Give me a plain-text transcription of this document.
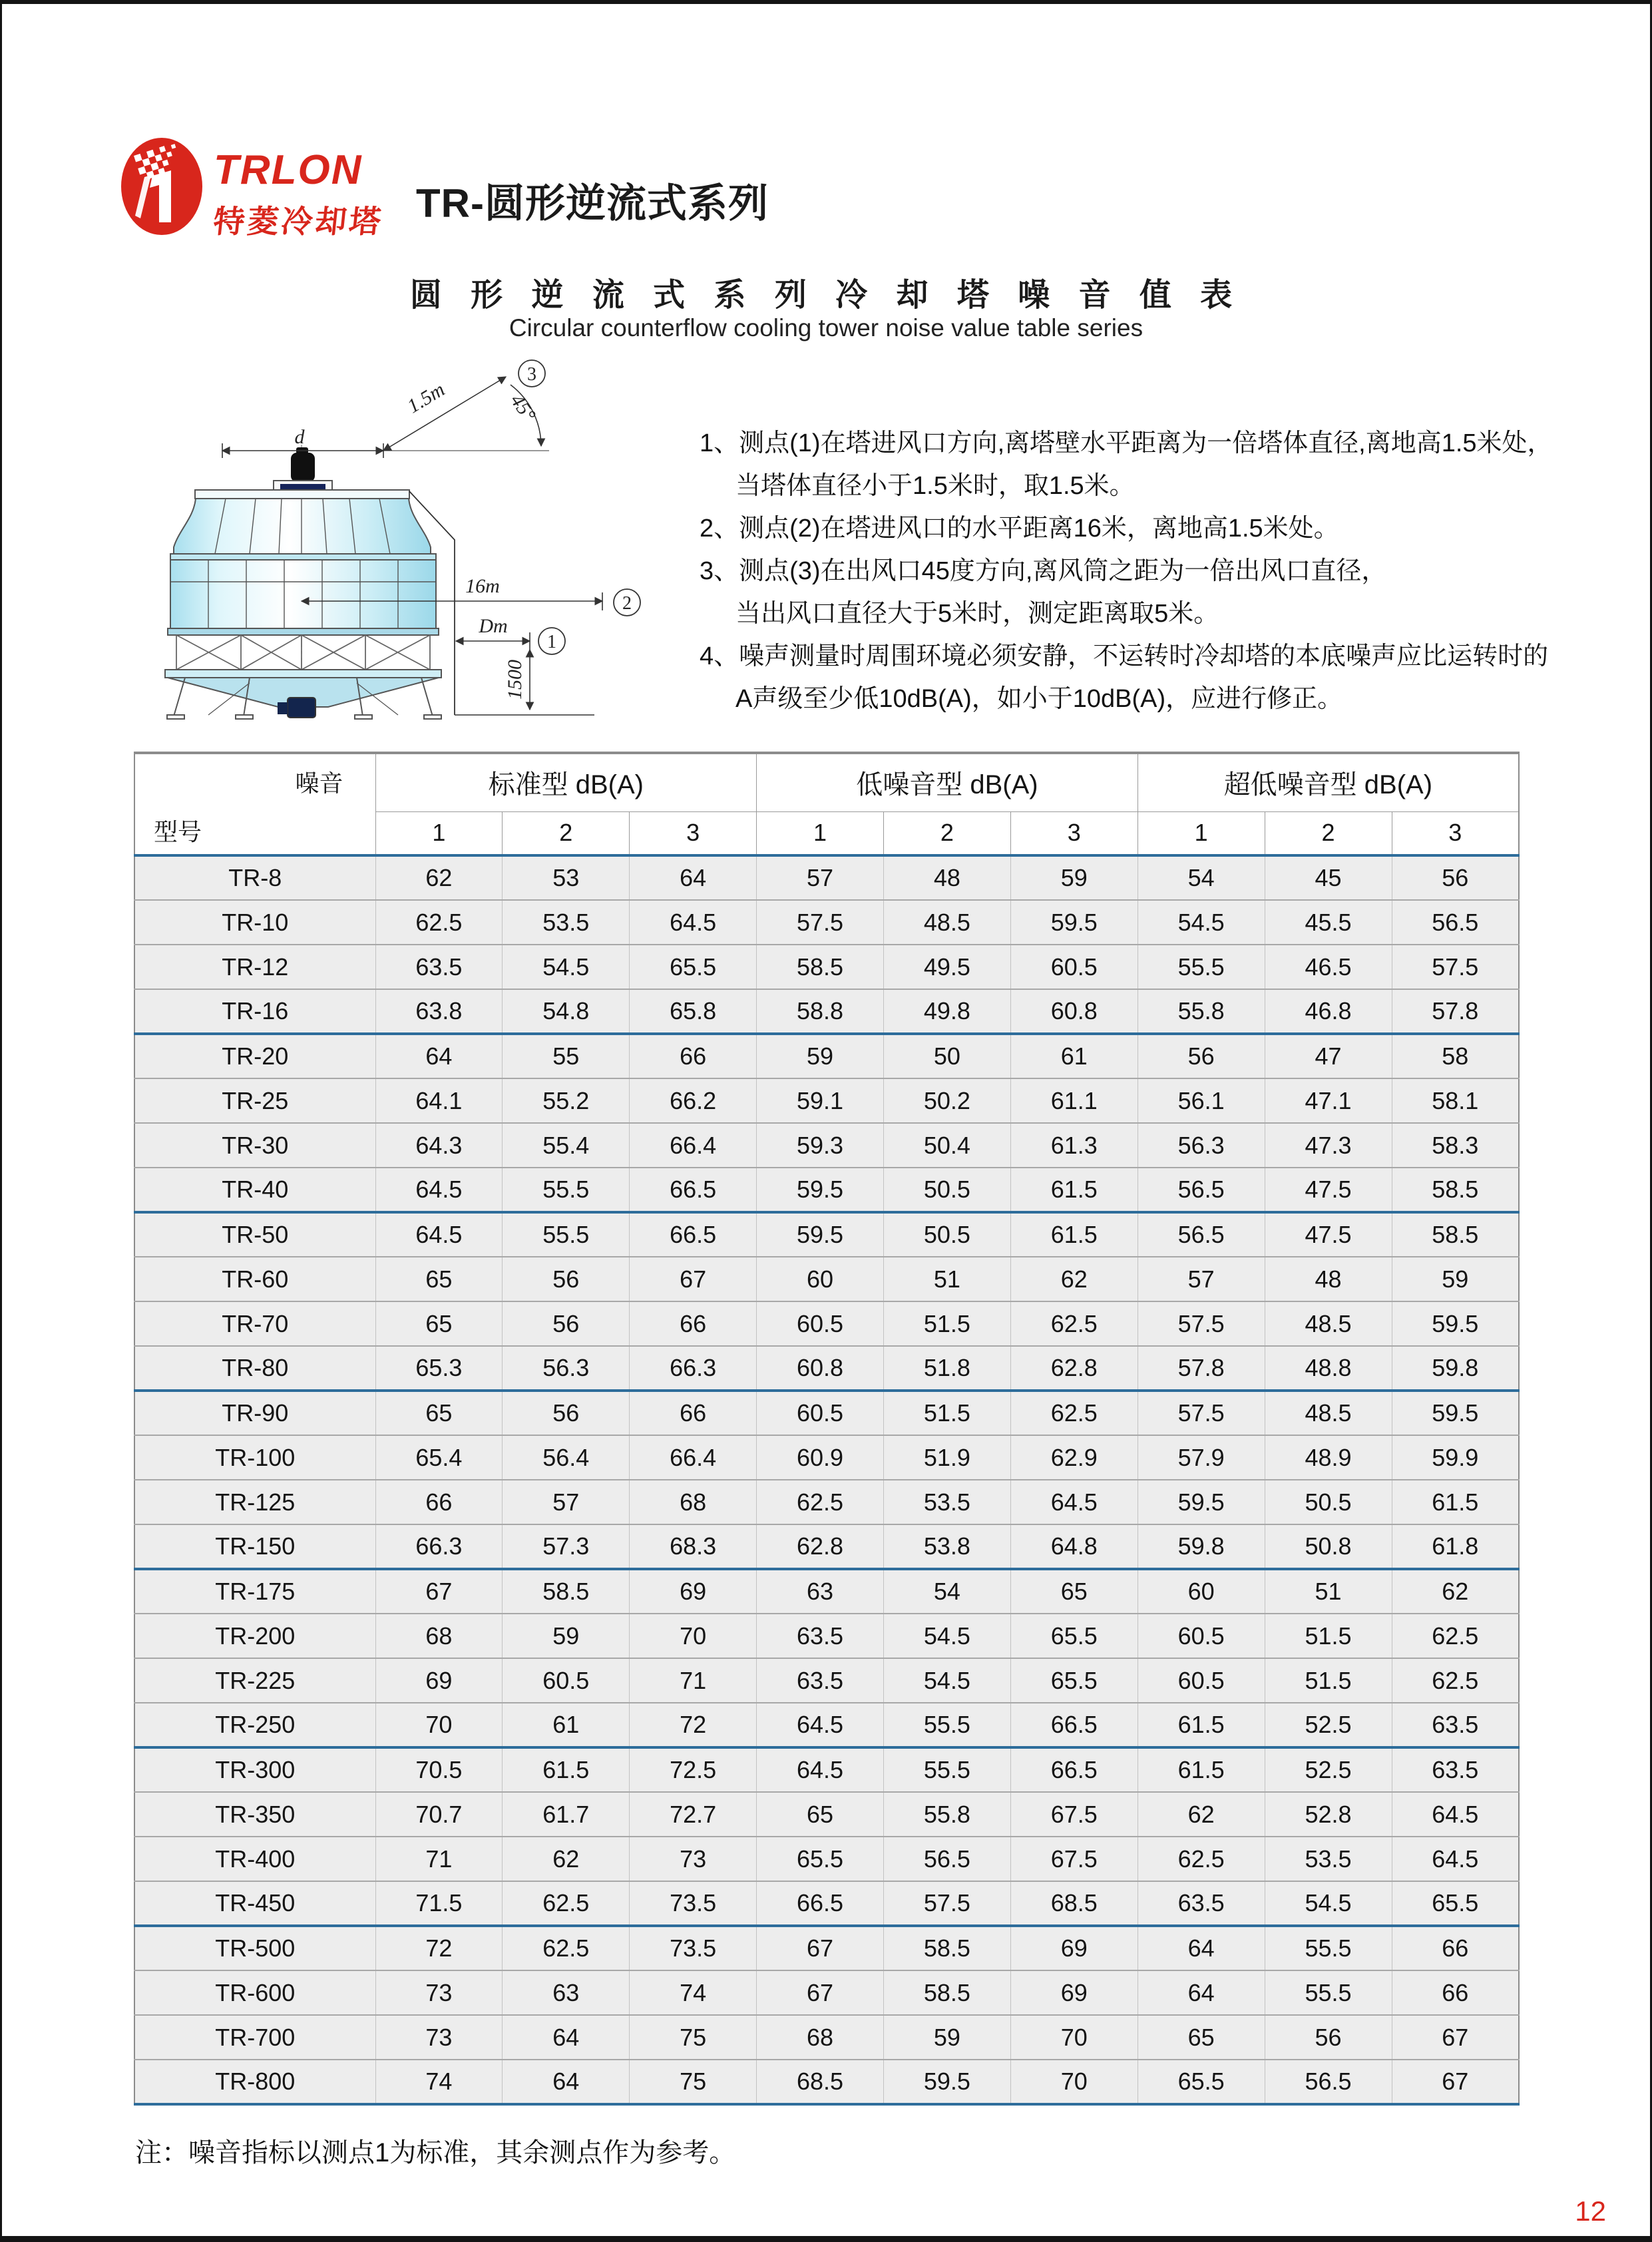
TRLON
特菱冷却塔 TR-圆形逆流式系列
圆 形 逆 流 式 系 列 冷 却 塔 噪 音 值 表
Circular counterflow cooling tower noise value table series
d
1.5m	45°
3
16m
2
Dm
1
1500
1、测点(1)在塔进风口方向,离塔壁水平距离为一倍塔体直径,离地高1.5米处，
当塔体直径小于1.5米时，取1.5米。
2、测点(2)在塔进风口的水平距离16米，离地高1.5米处。
3、测点(3)在出风口45度方向,离风筒之距为一倍出风口直径，
当出风口直径大于5米时，测定距离取5米。
4、噪声测量时周围环境必须安静，不运转时冷却塔的本底噪声应比运转时的
A声级至少低10dB(A)，如小于10dB(A)，应进行修正。
噪音
型号	标准型 dB(A)			低噪音型 dB(A)			超低噪音型 dB(A)		
	1	2	3	1	2	3	1	2	3
TR-8	62	53	64	57	48	59	54	45	56
TR-10	62.5	53.5	64.5	57.5	48.5	59.5	54.5	45.5	56.5
TR-12	63.5	54.5	65.5	58.5	49.5	60.5	55.5	46.5	57.5
TR-16	63.8	54.8	65.8	58.8	49.8	60.8	55.8	46.8	57.8
TR-20	64	55	66	59	50	61	56	47	58
TR-25	64.1	55.2	66.2	59.1	50.2	61.1	56.1	47.1	58.1
TR-30	64.3	55.4	66.4	59.3	50.4	61.3	56.3	47.3	58.3
TR-40	64.5	55.5	66.5	59.5	50.5	61.5	56.5	47.5	58.5
TR-50	64.5	55.5	66.5	59.5	50.5	61.5	56.5	47.5	58.5
TR-60	65	56	67	60	51	62	57	48	59
TR-70	65	56	66	60.5	51.5	62.5	57.5	48.5	59.5
TR-80	65.3	56.3	66.3	60.8	51.8	62.8	57.8	48.8	59.8
TR-90	65	56	66	60.5	51.5	62.5	57.5	48.5	59.5
TR-100	65.4	56.4	66.4	60.9	51.9	62.9	57.9	48.9	59.9
TR-125	66	57	68	62.5	53.5	64.5	59.5	50.5	61.5
TR-150	66.3	57.3	68.3	62.8	53.8	64.8	59.8	50.8	61.8
TR-175	67	58.5	69	63	54	65	60	51	62
TR-200	68	59	70	63.5	54.5	65.5	60.5	51.5	62.5
TR-225	69	60.5	71	63.5	54.5	65.5	60.5	51.5	62.5
TR-250	70	61	72	64.5	55.5	66.5	61.5	52.5	63.5
TR-300	70.5	61.5	72.5	64.5	55.5	66.5	61.5	52.5	63.5
TR-350	70.7	61.7	72.7	65	55.8	67.5	62	52.8	64.5
TR-400	71	62	73	65.5	56.5	67.5	62.5	53.5	64.5
TR-450	71.5	62.5	73.5	66.5	57.5	68.5	63.5	54.5	65.5
TR-500	72	62.5	73.5	67	58.5	69	64	55.5	66
TR-600	73	63	74	67	58.5	69	64	55.5	66
TR-700	73	64	75	68	59	70	65	56	67
TR-800	74	64	75	68.5	59.5	70	65.5	56.5	67
注：噪音指标以测点1为标准，其余测点作为参考。
12
